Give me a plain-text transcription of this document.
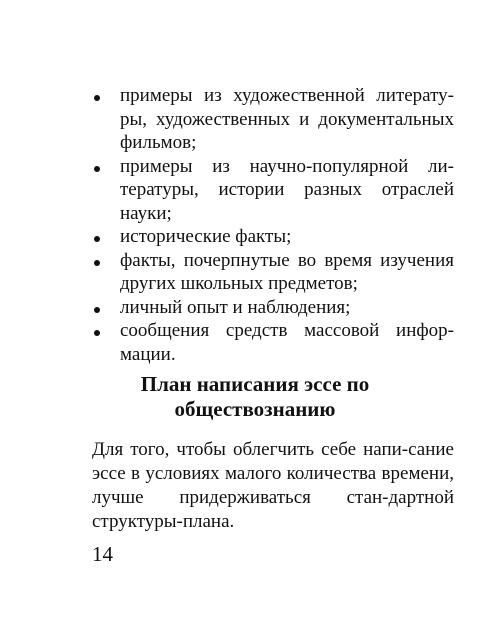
примеры из художественной литерату-ры, художественных и документальных фильмов;
примеры из научно-популярной ли-тературы, истории разных отраслей науки;
исторические факты;
факты, почерпнутые во время изучения других школьных предметов;
личный опыт и наблюдения;
сообщения средств массовой инфор-мации.
План написания эссе по обществознанию

Для того, чтобы облегчить себе напи-сание эссе в условиях малого количества времени, лучше придерживаться стан-дартной структуры-плана.

14
